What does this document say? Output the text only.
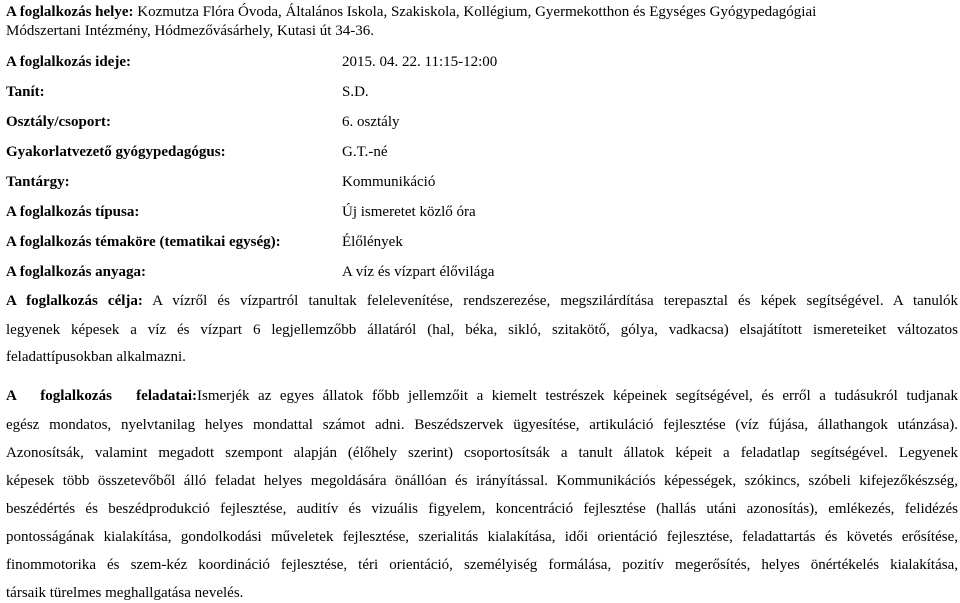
A foglalkozás helye: Kozmutza Flóra Óvoda, Általános Iskola, Szakiskola, Kollégium, Gyermekotthon és Egységes Gyógypedagógiai
Módszertani Intézmény, Hódmezővásárhely, Kutasi út 34-36.
A foglalkozás ideje:	2015. 04. 22. 11:15-12:00
Tanít:	S.D.
Osztály/csoport:	6. osztály
Gyakorlatvezető gyógypedagógus:	G.T.-né
Tantárgy:	Kommunikáció
A foglalkozás típusa:	Új ismeretet közlő óra
A foglalkozás témaköre (tematikai egység):	Élőlények
A foglalkozás anyaga:	A víz és vízpart élővilága
A foglalkozás célja: A vízről és vízpartról tanultak felelevenítése, rendszerezése, megszilárdítása terepasztal és képek segítségével. A tanulók
legyenek képesek a víz és vízpart 6 legjellemzőbb állatáról (hal, béka, sikló, szitakötő, gólya, vadkacsa) elsajátított ismereteiket változatos
feladattípusokban alkalmazni.
A foglalkozás feladatai:Ismerjék az egyes állatok főbb jellemzőit a kiemelt testrészek képeinek segítségével, és erről a tudásukról tudjanak
egész mondatos, nyelvtanilag helyes mondattal számot adni. Beszédszervek ügyesítése, artikuláció fejlesztése (víz fújása, állathangok utánzása).
Azonosítsák, valamint megadott szempont alapján (élőhely szerint) csoportosítsák a tanult állatok képeit a feladatlap segítségével. Legyenek
képesek több összetevőből álló feladat helyes megoldására önállóan és irányítással. Kommunikációs képességek, szókincs, szóbeli kifejezőkészség,
beszédértés és beszédprodukció fejlesztése, auditív és vizuális figyelem, koncentráció fejlesztése (hallás utáni azonosítás), emlékezés, felidézés
pontosságának kialakítása, gondolkodási műveletek fejlesztése, szerialitás kialakítása, idői orientáció fejlesztése, feladattartás és követés erősítése,
finommotorika és szem-kéz koordináció fejlesztése, téri orientáció, személyiség formálása, pozitív megerősítés, helyes önértékelés kialakítása,
társaik türelmes meghallgatása nevelés.
